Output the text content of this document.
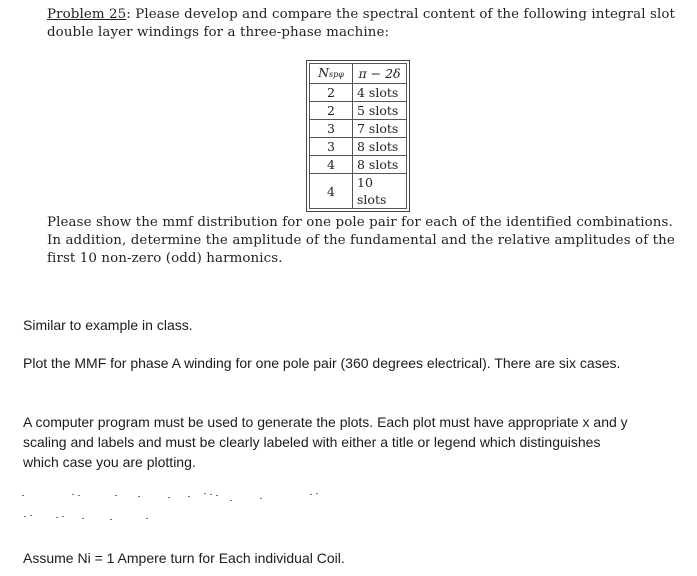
Problem 25: Please develop and compare the spectral content of the following integral slot double layer windings for a three-phase machine:
Nspφ	π − 2δ
2	4 slots
2	5 slots
3	7 slots
3	8 slots
4	8 slots
4	10 slots
Please show the mmf distribution for one pole pair for each of the identified combinations. In addition, determine the amplitude of the fundamental and the relative amplitudes of the first 10 non-zero (odd) harmonics.
Similar to example in class.
Plot the MMF for phase A winding for one pole pair (360 degrees electrical). There are six cases.
A computer program must be used to generate the plots. Each plot must have appropriate x and y scaling and labels and must be clearly labeled with either a title or legend which distinguishes which case you are plotting.
Assume Ni = 1 Ampere turn for Each individual Coil.
